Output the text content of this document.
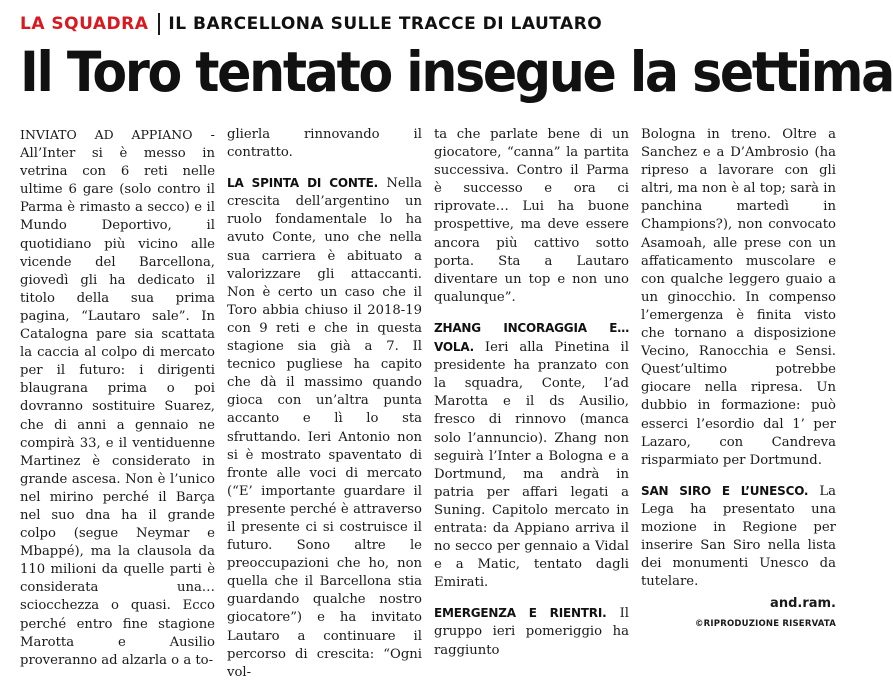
LA SQUADRA IL BARCELLONA SULLE TRACCE DI LAUTARO
Il Toro tentato insegue la settima

INVIATO AD APPIANO - All’Inter si è messo in vetrina con 6 reti nelle ultime 6 gare (solo contro il Parma è rimasto a secco) e il Mundo Deportivo, il quotidiano più vicino alle vicende del Barcellona, giovedì gli ha dedicato il titolo della sua prima pagina, “Lautaro sale”. In Catalogna pare sia scattata la caccia al colpo di mercato per il futuro: i dirigenti blaugrana prima o poi dovranno sostituire Suarez, che di anni a gennaio ne compirà 33, e il ventiduenne Martinez è considerato in grande ascesa. Non è l’unico nel mirino perché il Barça nel suo dna ha il grande colpo (segue Neymar e Mbappé), ma la clausola da 110 milioni da quelle parti è considerata una… sciocchezza o quasi. Ecco perché entro fine stagione Marotta e Ausilio proveranno ad alzarla o a to-

glierla rinnovando il contratto.

LA SPINTA DI CONTE. Nella crescita dell’argentino un ruolo fondamentale lo ha avuto Conte, uno che nella sua carriera è abituato a valorizzare gli attaccanti. Non è certo un caso che il Toro abbia chiuso il 2018-19 con 9 reti e che in questa stagione sia già a 7. Il tecnico pugliese ha capito che dà il massimo quando gioca con un’altra punta accanto e lì lo sta sfruttando. Ieri Antonio non si è mostrato spaventato di fronte alle voci di mercato (“E’ importante guardare il presente perché è attraverso il presente ci si costruisce il futuro. Sono altre le preoccupazioni che ho, non quella che il Barcellona stia guardando qualche nostro giocatore”) e ha invitato Lautaro a continuare il percorso di crescita: “Ogni vol-

ta che parlate bene di un giocatore, “canna” la partita successiva. Contro il Parma è successo e ora ci riprovate… Lui ha buone prospettive, ma deve essere ancora più cattivo sotto porta. Sta a Lautaro diventare un top e non uno qualunque”.

ZHANG INCORAGGIA E… VOLA. Ieri alla Pinetina il presidente ha pranzato con la squadra, Conte, l’ad Marotta e il ds Ausilio, fresco di rinnovo (manca solo l’annuncio). Zhang non seguirà l’Inter a Bologna e a Dortmund, ma andrà in patria per affari legati a Suning. Capitolo mercato in entrata: da Appiano arriva il no secco per gennaio a Vidal e a Matic, tentato dagli Emirati.

EMERGENZA E RIENTRI. Il gruppo ieri pomeriggio ha raggiunto

Bologna in treno. Oltre a Sanchez e a D’Ambrosio (ha ripreso a lavorare con gli altri, ma non è al top; sarà in panchina martedì in Champions?), non convocato Asamoah, alle prese con un affaticamento muscolare e con qualche leggero guaio a un ginocchio. In compenso l’emergenza è finita visto che tornano a disposizione Vecino, Ranocchia e Sensi. Quest’ultimo potrebbe giocare nella ripresa. Un dubbio in formazione: può esserci l’esordio dal 1’ per Lazaro, con Candreva risparmiato per Dortmund.

SAN SIRO E L’UNESCO. La Lega ha presentato una mozione in Regione per inserire San Siro nella lista dei monumenti Unesco da tutelare.

and.ram.
©RIPRODUZIONE RISERVATA
